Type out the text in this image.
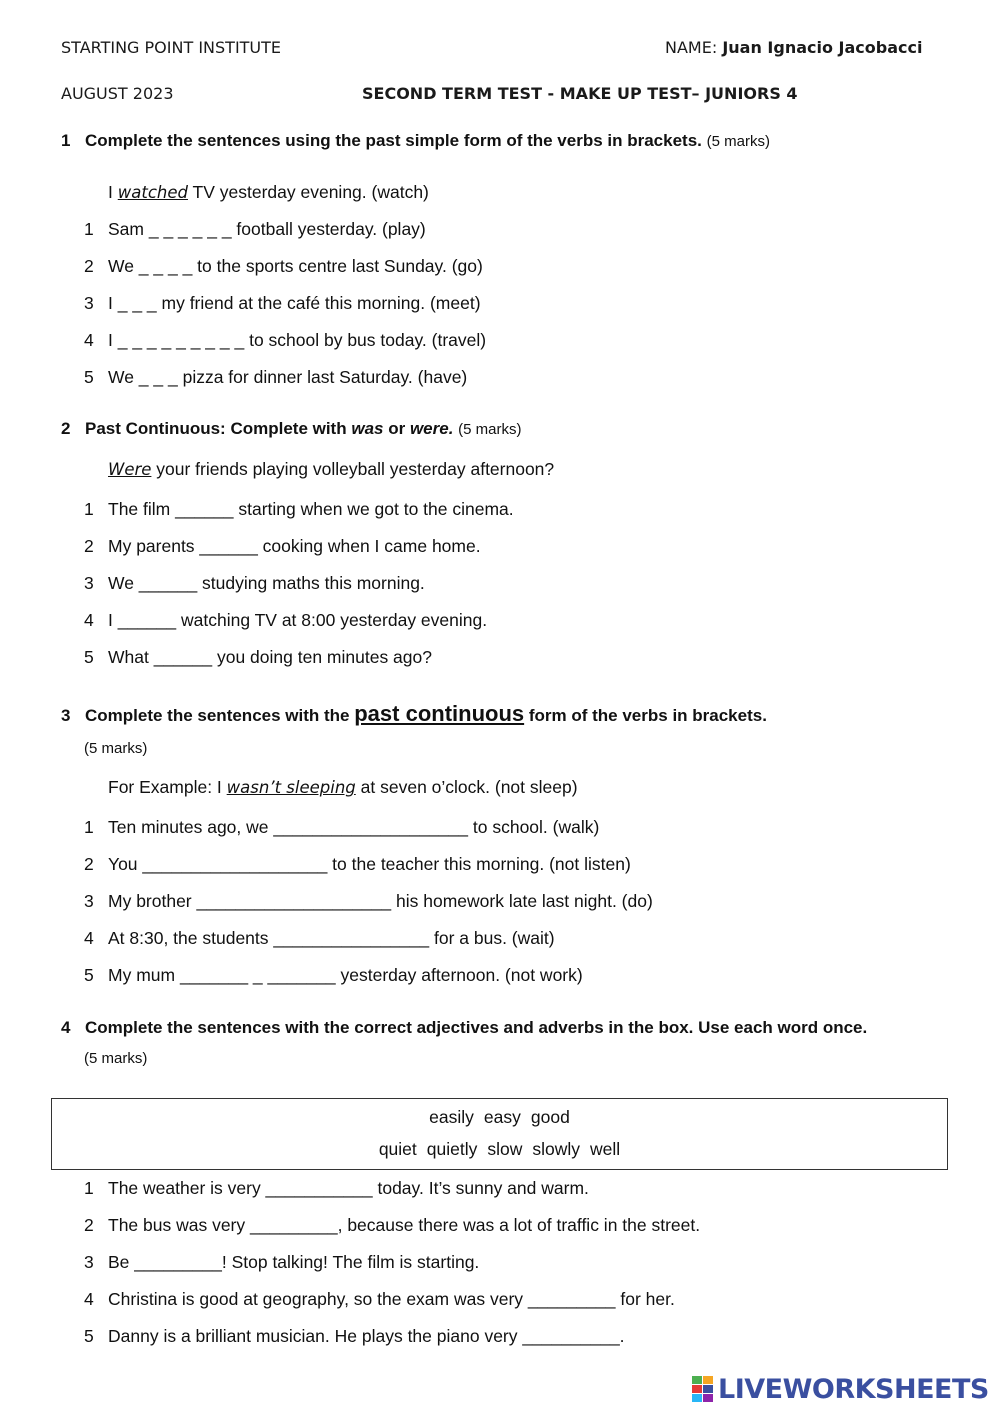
STARTING POINT INSTITUTE	NAME: Juan Ignacio Jacobacci
AUGUST 2023	SECOND TERM TEST - MAKE UP TEST– JUNIORS 4
1 Complete the sentences using the past simple form of the verbs in brackets. (5 marks)
I watched TV yesterday evening. (watch)
1 Sam _ _ _ _ _ _ football yesterday. (play)
2 We _ _ _ _ to the sports centre last Sunday. (go)
3 I _ _ _ my friend at the café this morning. (meet)
4 I _ _ _ _ _ _ _ _ _ to school by bus today. (travel)
5 We _ _ _ pizza for dinner last Saturday. (have)
2 Past Continuous: Complete with was or were. (5 marks)
Were your friends playing volleyball yesterday afternoon?
1 The film ______ starting when we got to the cinema.
2 My parents ______ cooking when I came home.
3 We ______ studying maths this morning.
4 I ______ watching TV at 8:00 yesterday evening.
5 What ______ you doing ten minutes ago?
3 Complete the sentences with the past continuous form of the verbs in brackets.
(5 marks)
For Example: I wasn’t sleeping at seven o’clock. (not sleep)
1 Ten minutes ago, we ____________________ to school. (walk)
2 You ___________________ to the teacher this morning. (not listen)
3 My brother ____________________ his homework late last night. (do)
4 At 8:30, the students ________________ for a bus. (wait)
5 My mum _______ _ _______ yesterday afternoon. (not work)
4 Complete the sentences with the correct adjectives and adverbs in the box. Use each word once.
(5 marks)
easily easy good
quiet quietly slow slowly well
1 The weather is very ___________ today. It’s sunny and warm.
2 The bus was very _________, because there was a lot of traffic in the street.
3 Be _________! Stop talking! The film is starting.
4 Christina is good at geography, so the exam was very _________ for her.
5 Danny is a brilliant musician. He plays the piano very __________.
LIVEWORKSHEETS
